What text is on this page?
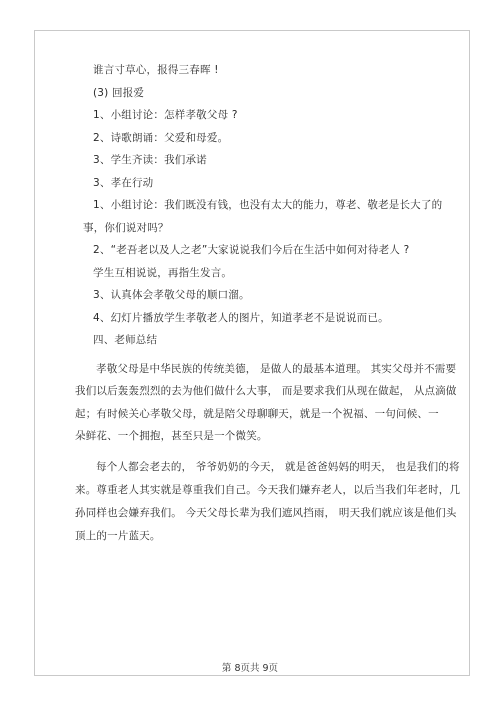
谁言寸草心，报得三春晖 !
(3) 回报爱
1、小组讨论：怎样孝敬父母 ?
2、诗歌朗诵：父爱和母爱。
3、学生齐读：我们承诺
3、孝在行动
1、小组讨论：我们既没有钱，也没有太大的能力，尊老、敬老是长大了的
事，你们说对吗？
2、“老吾老以及人之老”大家说说我们今后在生活中如何对待老人 ?
学生互相说说，再指生发言。
3、认真体会孝敬父母的顺口溜。
4、幻灯片播放学生孝敬老人的图片，知道孝老不是说说而已。
四、老师总结
孝敬父母是中华民族的传统美德， 是做人的最基本道理。 其实父母并不需要
我们以后轰轰烈烈的去为他们做什么大事， 而是要求我们从现在做起， 从点滴做
起；有时候关心孝敬父母，就是陪父母聊聊天，就是一个祝福、一句问候、一
朵鲜花、一个拥抱，甚至只是一个微笑。
每个人都会老去的， 爷爷奶奶的今天， 就是爸爸妈妈的明天， 也是我们的将
来。尊重老人其实就是尊重我们自己。今天我们嫌弃老人，以后当我们年老时，几
孙同样也会嫌弃我们。 今天父母长辈为我们遮风挡雨， 明天我们就应该是他们头
顶上的一片蓝天。
第 8页共 9页
